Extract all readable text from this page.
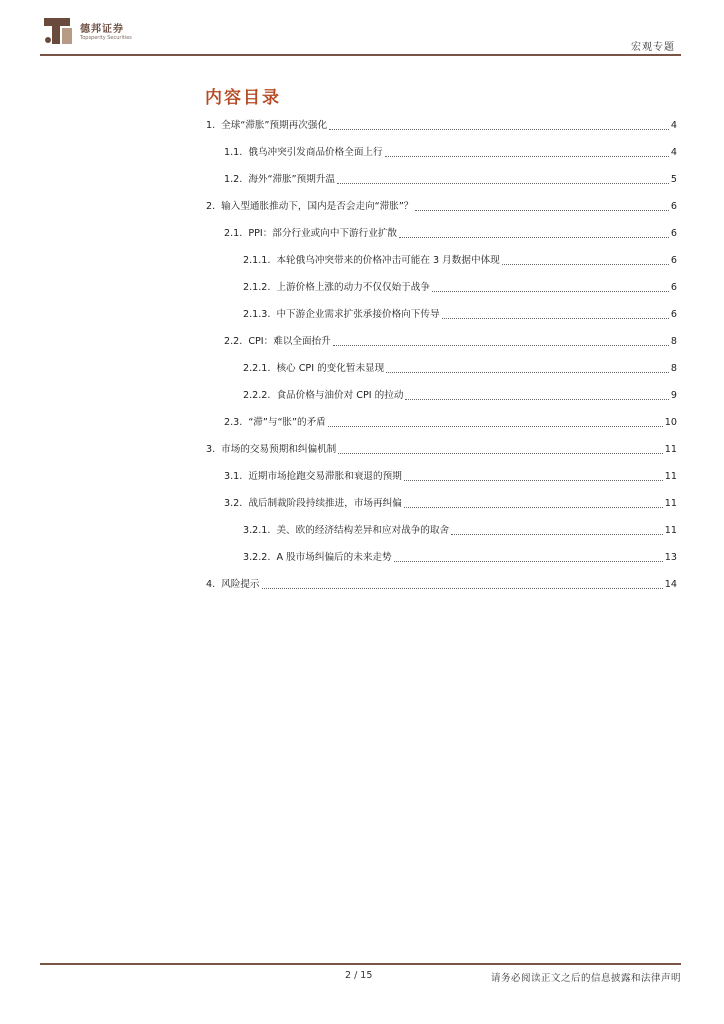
德邦证券
Topsperity Securities
宏观专题
内容目录
1. 全球“滞胀”预期再次强化	4
1.1. 俄乌冲突引发商品价格全面上行	4
1.2. 海外“滞胀”预期升温	5
2. 输入型通胀推动下，国内是否会走向“滞胀”？	6
2.1. PPI：部分行业或向中下游行业扩散	6
2.1.1. 本轮俄乌冲突带来的价格冲击可能在 3 月数据中体现	6
2.1.2. 上游价格上涨的动力不仅仅始于战争	6
2.1.3. 中下游企业需求扩张承接价格向下传导	6
2.2. CPI：难以全面抬升	8
2.2.1. 核心 CPI 的变化暂未显现	8
2.2.2. 食品价格与油价对 CPI 的拉动	9
2.3. “滞”与“胀”的矛盾	10
3. 市场的交易预期和纠偏机制	11
3.1. 近期市场抢跑交易滞胀和衰退的预期	11
3.2. 战后制裁阶段持续推进，市场再纠偏	11
3.2.1. 美、欧的经济结构差异和应对战争的取舍	11
3.2.2. A 股市场纠偏后的未来走势	13
4. 风险提示	14
2 / 15	请务必阅读正文之后的信息披露和法律声明
